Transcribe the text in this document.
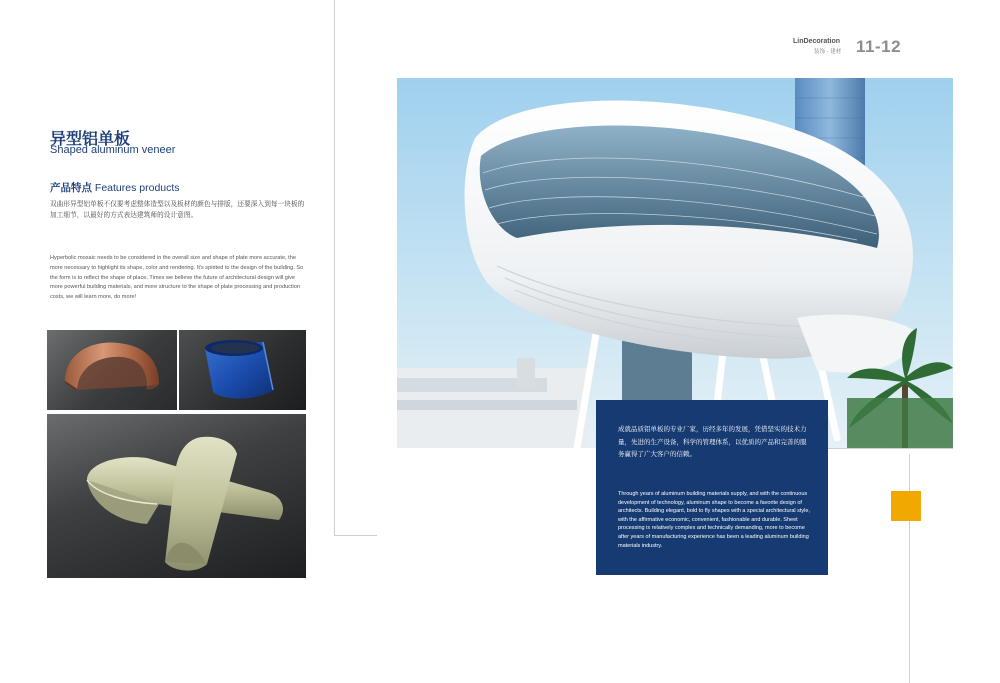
异型铝单板
Shaped aluminum veneer
产品特点 Features products
双曲形异型铝单板不仅要考虑整体造型以及板材的颜色与排版，还要深入到每一块板的加工细节，以最好的方式表达建筑师的设计意图。
Hyperbolic mosaic needs to be considered in the overall size and shape of plate more accurate, the more necessary to highlight its shape, color and rendering. It's spirited to the design of the building. So the form is to reflect the shape of place. Times we believe the future of architectural design will give more powerful building materials, and more structure to the shape of plate processing and production costs, we will learn more, do more!
LinDecoration
装饰 · 建材 11-12
成就品质铝单板的专业厂家，历经多年的发展，凭借坚实的技术力量，先进的生产设备，科学的管理体系，以优质的产品和完善的服务赢得了广大客户的信赖。
Through years of aluminum building materials supply, and with the continuous development of technology, aluminum shape to become a favorite design of architects. Building elegant, bold to fly shapes with a special architectural style, with the affirmative economic, convenient, fashionable and durable. Sheet processing is relatively complex and technically demanding, more to become after years of manufacturing experience has been a leading aluminum building materials industry.
